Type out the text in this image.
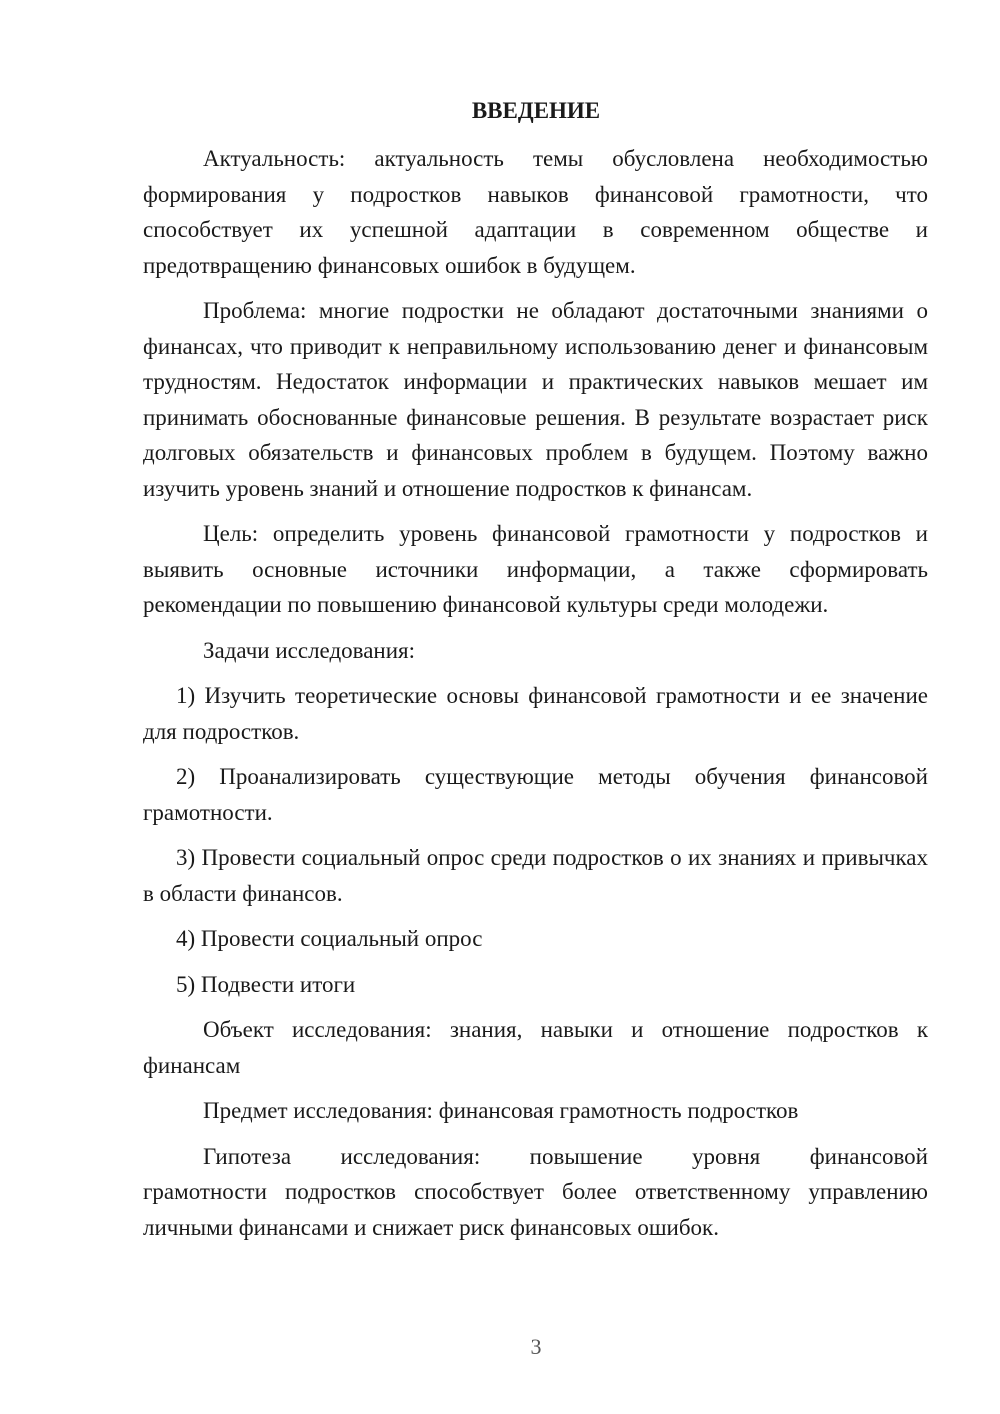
ВВЕДЕНИЕ

Актуальность: актуальность темы обусловлена необходимостью формирования у подростков навыков финансовой грамотности, что способствует их успешной адаптации в современном обществе и предотвращению финансовых ошибок в будущем.

Проблема: многие подростки не обладают достаточными знаниями о финансах, что приводит к неправильному использованию денег и финансовым трудностям. Недостаток информации и практических навыков мешает им принимать обоснованные финансовые решения. В результате возрастает риск долговых обязательств и финансовых проблем в будущем. Поэтому важно изучить уровень знаний и отношение подростков к финансам.

Цель: определить уровень финансовой грамотности у подростков и выявить основные источники информации, а также сформировать рекомендации по повышению финансовой культуры среди молодежи.

Задачи исследования:

1) Изучить теоретические основы финансовой грамотности и ее значение для подростков.

2) Проанализировать существующие методы обучения финансовой грамотности.

3) Провести социальный опрос среди подростков о их знаниях и привычках в области финансов.

4) Провести социальный опрос

5) Подвести итоги

Объект исследования: знания, навыки и отношение подростков к финансам

Предмет исследования: финансовая грамотность подростков

Гипотеза исследования: повышение уровня финансовой

грамотности подростков способствует более ответственному управлению личными финансами и снижает риск финансовых ошибок.

3
